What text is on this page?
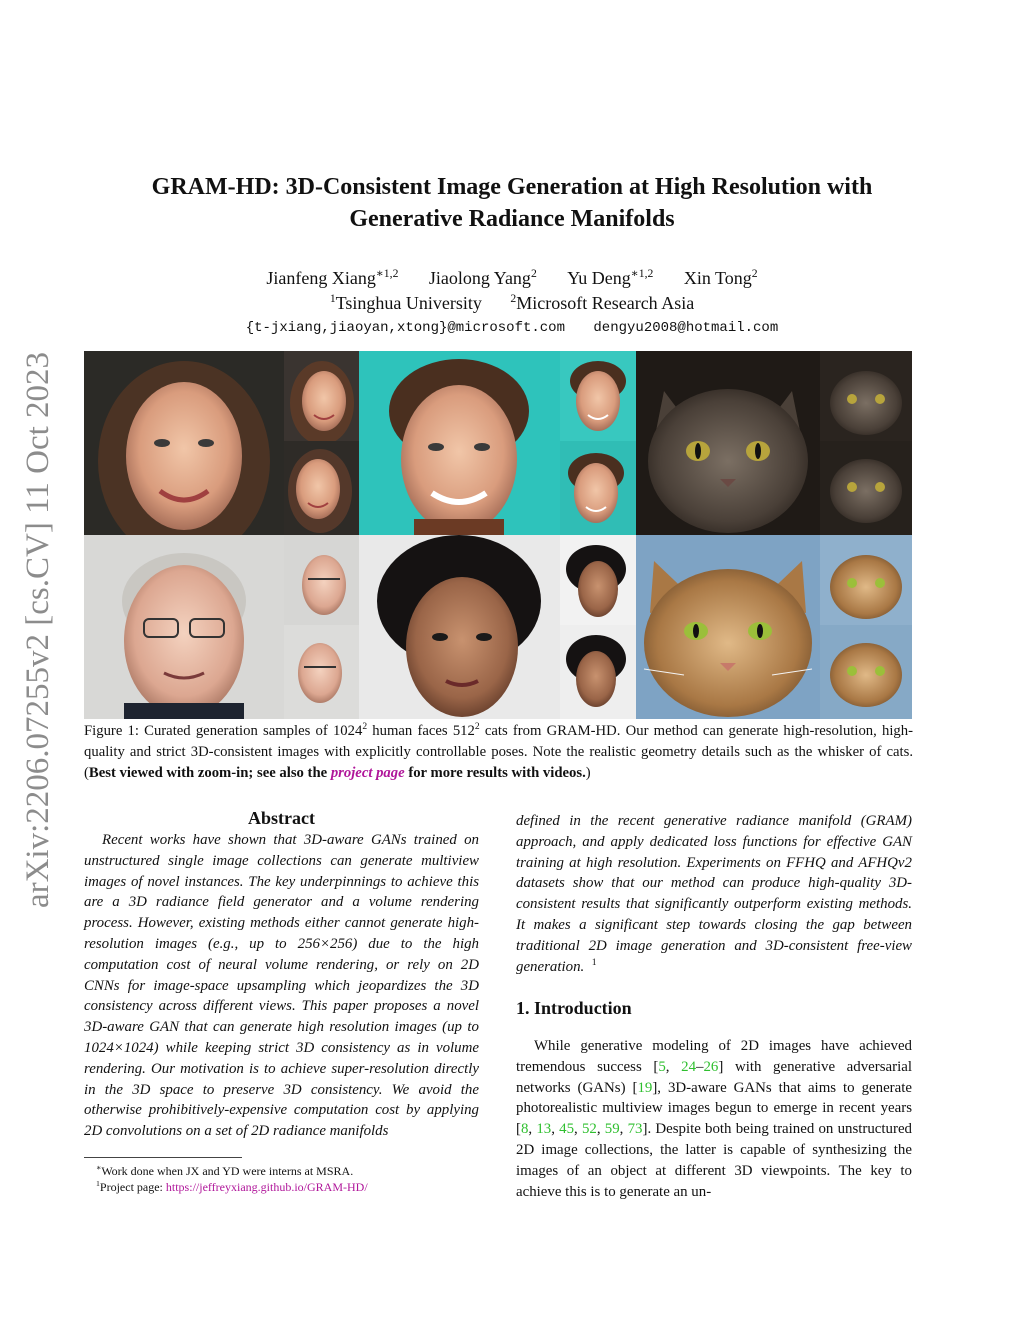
arXiv:2206.07255v2 [cs.CV] 11 Oct 2023
GRAM-HD: 3D-Consistent Image Generation at High Resolution with
Generative Radiance Manifolds
Jianfeng Xiang$^{∗1,2}$ Jiaolong Yang$^2$ Yu Deng$^{∗1,2}$ Xin Tong$^2$
$^1$Tsinghua University $^2$Microsoft Research Asia
{t-jxiang,jiaoyan,xtong}@microsoft.com dengyu2008@hotmail.com
Figure 1: Curated generation samples of 1024$^2$ human faces $512^2$ cats from GRAM-HD. Our method can generate high-resolution, high-quality and strict 3D-consistent images with explicitly controllable poses. Note the realistic geometry details such as the whisker of cats. (Best viewed with zoom-in; see also the project page for more results with videos.)
Abstract
Recent works have shown that 3D-aware GANs trained on unstructured single image collections can generate multiview images of novel instances. The key underpinnings to achieve this are a 3D radiance field generator and a volume rendering process. However, existing methods either cannot generate high-resolution images (e.g., up to 256×256) due to the high computation cost of neural volume rendering, or rely on 2D CNNs for image-space upsampling which jeopardizes the 3D consistency across different views. This paper proposes a novel 3D-aware GAN that can generate high resolution images (up to 1024×1024) while keeping strict 3D consistency as in volume rendering. Our motivation is to achieve super-resolution directly in the 3D space to preserve 3D consistency. We avoid the otherwise prohibitively-expensive computation cost by applying 2D convolutions on a set of 2D radiance manifolds
defined in the recent generative radiance manifold (GRAM) approach, and apply dedicated loss functions for effective GAN training at high resolution. Experiments on FFHQ and AFHQv2 datasets show that our method can produce high-quality 3D-consistent results that significantly outperform existing methods. It makes a significant step towards closing the gap between traditional 2D image generation and 3D-consistent free-view generation. $^1$
1. Introduction
While generative modeling of 2D images have achieved tremendous success [5, 24–26] with generative adversarial networks (GANs) [19], 3D-aware GANs that aims to generate photorealistic multiview images begun to emerge in recent years [8, 13, 45, 52, 59, 73]. Despite both being trained on unstructured 2D image collections, the latter is capable of synthesizing the images of an object at different 3D viewpoints. The key to achieve this is to generate an un-
∗Work done when JX and YD were interns at MSRA.
$^1$Project page: https://jeffreyxiang.github.io/GRAM-HD/
